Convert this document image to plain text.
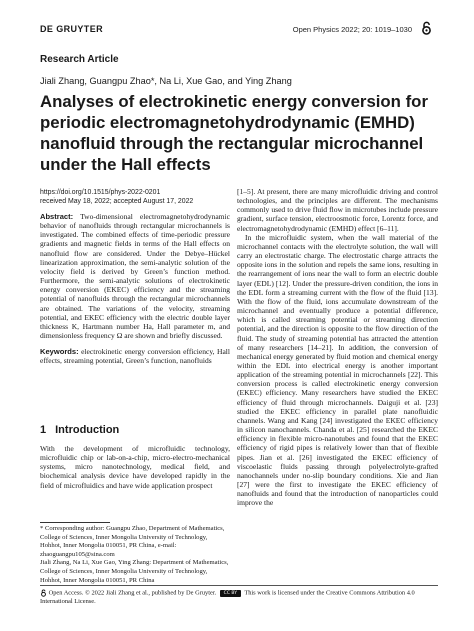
DE GRUYTER	Open Physics 2022; 20: 1019–1030
Research Article
Jiali Zhang, Guangpu Zhao*, Na Li, Xue Gao, and Ying Zhang
Analyses of electrokinetic energy conversion for periodic electromagnetohydrodynamic (EMHD) nanofluid through the rectangular microchannel under the Hall effects
https://doi.org/10.1515/phys-2022-0201
received May 18, 2022; accepted August 17, 2022

Abstract: Two-dimensional electromagnetohydrodynamic behavior of nanofluids through rectangular microchannels is investigated. The combined effects of time-periodic pressure gradients and magnetic fields in terms of the Hall effects on nanofluid flow are considered. Under the Debye–Hückel linearization approximation, the semi-analytic solution of the velocity field is derived by Green’s function method. Furthermore, the semi-analytic solutions of electrokinetic energy conversion (EKEC) efficiency and the streaming potential of nanofluids through the rectangular microchannels are obtained. The variations of the velocity, streaming potential, and EKEC efficiency with the electric double layer thickness K, Hartmann number Ha, Hall parameter m, and dimensionless frequency Ω are shown and briefly discussed.

Keywords: electrokinetic energy conversion efficiency, Hall effects, streaming potential, Green’s function, nanofluids

1 Introduction

With the development of microfluidic technology, microfluidic chip or lab-on-a-chip, micro-electro-mechanical systems, micro nanotechnology, medical field, and biochemical analysis device have developed rapidly in the field of microfluidics and have wide application prospect

* Corresponding author: Guangpu Zhao, Department of Mathematics, College of Sciences, Inner Mongolia University of Technology, Hohhot, Inner Mongolia 010051, PR China, e-mail: zhaoguangpu105@sina.com

Jiali Zhang, Na Li, Xue Gao, Ying Zhang: Department of Mathematics, College of Sciences, Inner Mongolia University of Technology, Hohhot, Inner Mongolia 010051, PR China

[1–5]. At present, there are many microfluidic driving and control technologies, and the principles are different. The mechanisms commonly used to drive fluid flow in microtubes include pressure gradient, surface tension, electroosmotic force, Lorentz force, and electromagnetohydrodynamic (EMHD) effect [6–11].

In the microfluidic system, when the wall material of the microchannel contacts with the electrolyte solution, the wall will carry an electrostatic charge. The electrostatic charge attracts the opposite ions in the solution and repels the same ions, resulting in the rearrangement of ions near the wall to form an electric double layer (EDL) [12]. Under the pressure-driven condition, the ions in the EDL form a streaming current with the flow of the fluid [13]. With the flow of the fluid, ions accumulate downstream of the microchannel and eventually produce a potential difference, which is called streaming potential or streaming direction potential, and the direction is opposite to the flow direction of the fluid. The study of streaming potential has attracted the attention of many researchers [14–21]. In addition, the conversion of mechanical energy generated by fluid motion and chemical energy within the EDL into electrical energy is another important application of the streaming potential in microchannels [22]. This conversion process is called electrokinetic energy conversion (EKEC) efficiency. Many researchers have studied the EKEC efficiency of fluid through microchannels. Daiguji et al. [23] studied the EKEC efficiency in parallel plate nanofluidic channels. Wang and Kang [24] investigated the EKEC efficiency in silicon nanochannels. Chanda et al. [25] researched the EKEC efficiency in flexible micro-nanotubes and found that the EKEC efficiency of rigid pipes is relatively lower than that of flexible pipes. Jian et al. [26] investigated the EKEC efficiency of viscoelastic fluids passing through polyelectrolyte-grafted nanochannels under no-slip boundary conditions. Xie and Jian [27] were the first to investigate the EKEC efficiency of nanofluids and found that the introduction of nanoparticles could improve the

Open Access. © 2022 Jiali Zhang et al., published by De Gruyter. CC BY This work is licensed under the Creative Commons Attribution 4.0 International License.
